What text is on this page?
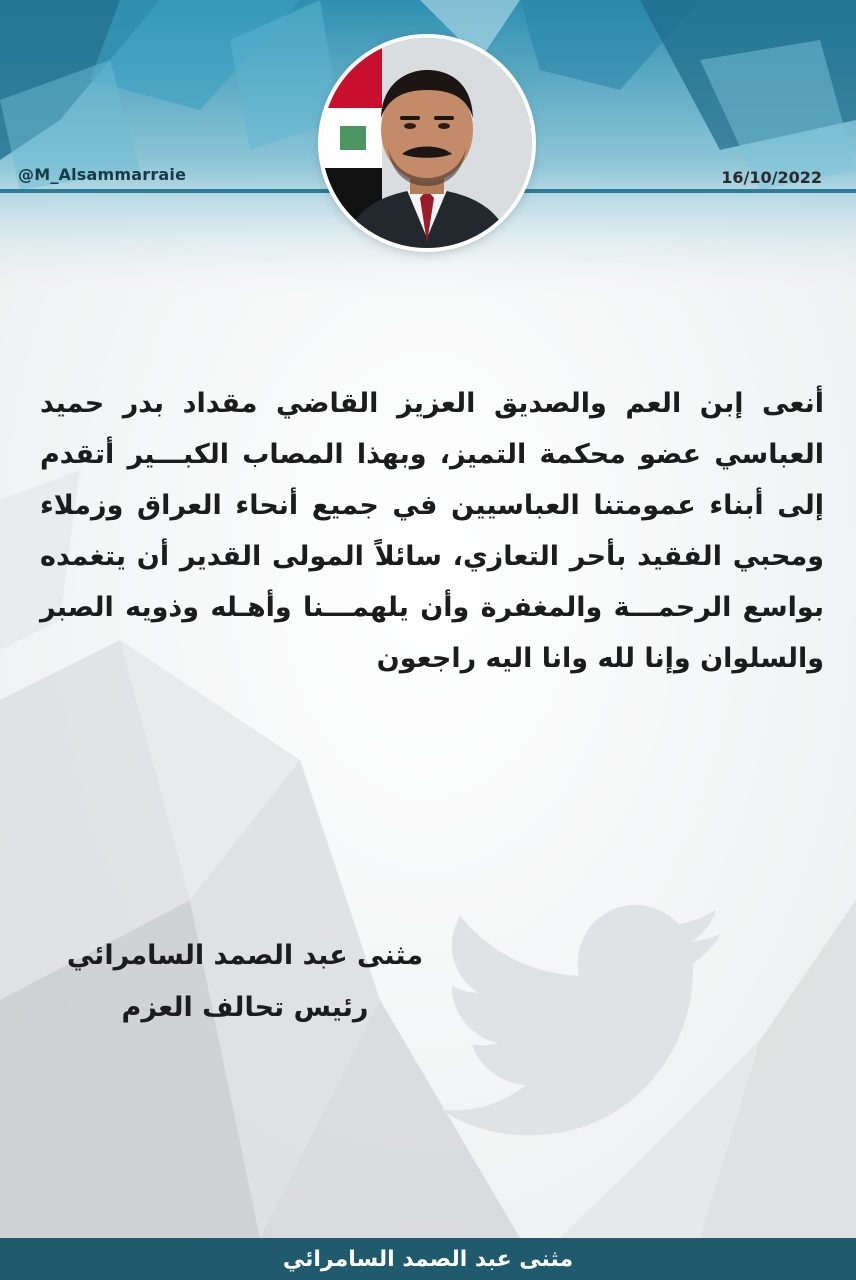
@M_Alsammarraie	16/10/2022

أنعى إبن العم والصديق العزيز القاضي مقداد بدر حميد العباسي عضو محكمة التميز، وبهذا المصاب الكبـــير أتقدم إلى أبناء عمومتنا العباسيين في جميع أنحاء العراق وزملاء ومحبي الفقيد بأحر التعازي، سائلاً المولى القدير أن يتغمده بواسع الرحمـــة والمغفرة وأن يلهمـــنا وأهـله وذويه الصبر والسلوان وإنا لله وانا اليه راجعون

مثنى عبد الصمد السامرائي
رئيس تحالف العزم
مثنى عبد الصمد السامرائي
